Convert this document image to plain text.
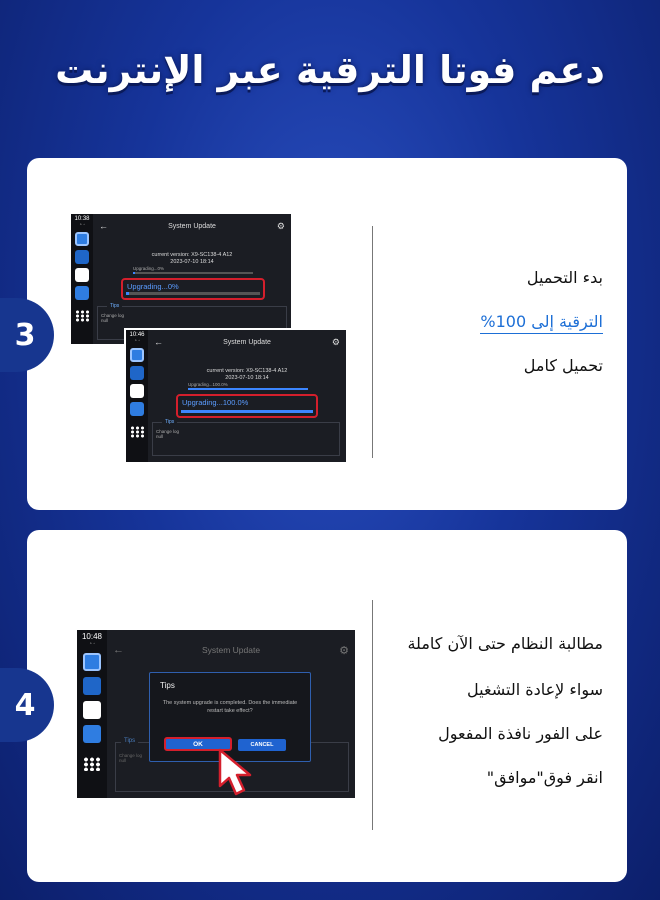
دعم فوتا الترقية عبر الإنترنت
3
10:38
◔ ◦	←	System Update	⚙
current version: X9-SC138-4 A12
2023-07-10 18:14
Upgrading...0%
Upgrading...0%
Change log
null
Tips
10:46
◔ ◦	←	System Update	⚙
current version: X9-SC138-4 A12
2023-07-10 18:14
Upgrading...100.0%
Upgrading...100.0%
Change log
null
Tips
بدء التحميل
الترقية إلى 100%
تحميل كامل
4
10:48
◔ ◦	←	System Update	⚙
Change log
null
Tips
Tips
The system upgrade is completed. Does the immediate restart take effect?
OK	CANCEL
مطالبة النظام حتى الآن كاملة
سواء لإعادة التشغيل
على الفور نافذة المفعول
انقر فوق"موافق"
